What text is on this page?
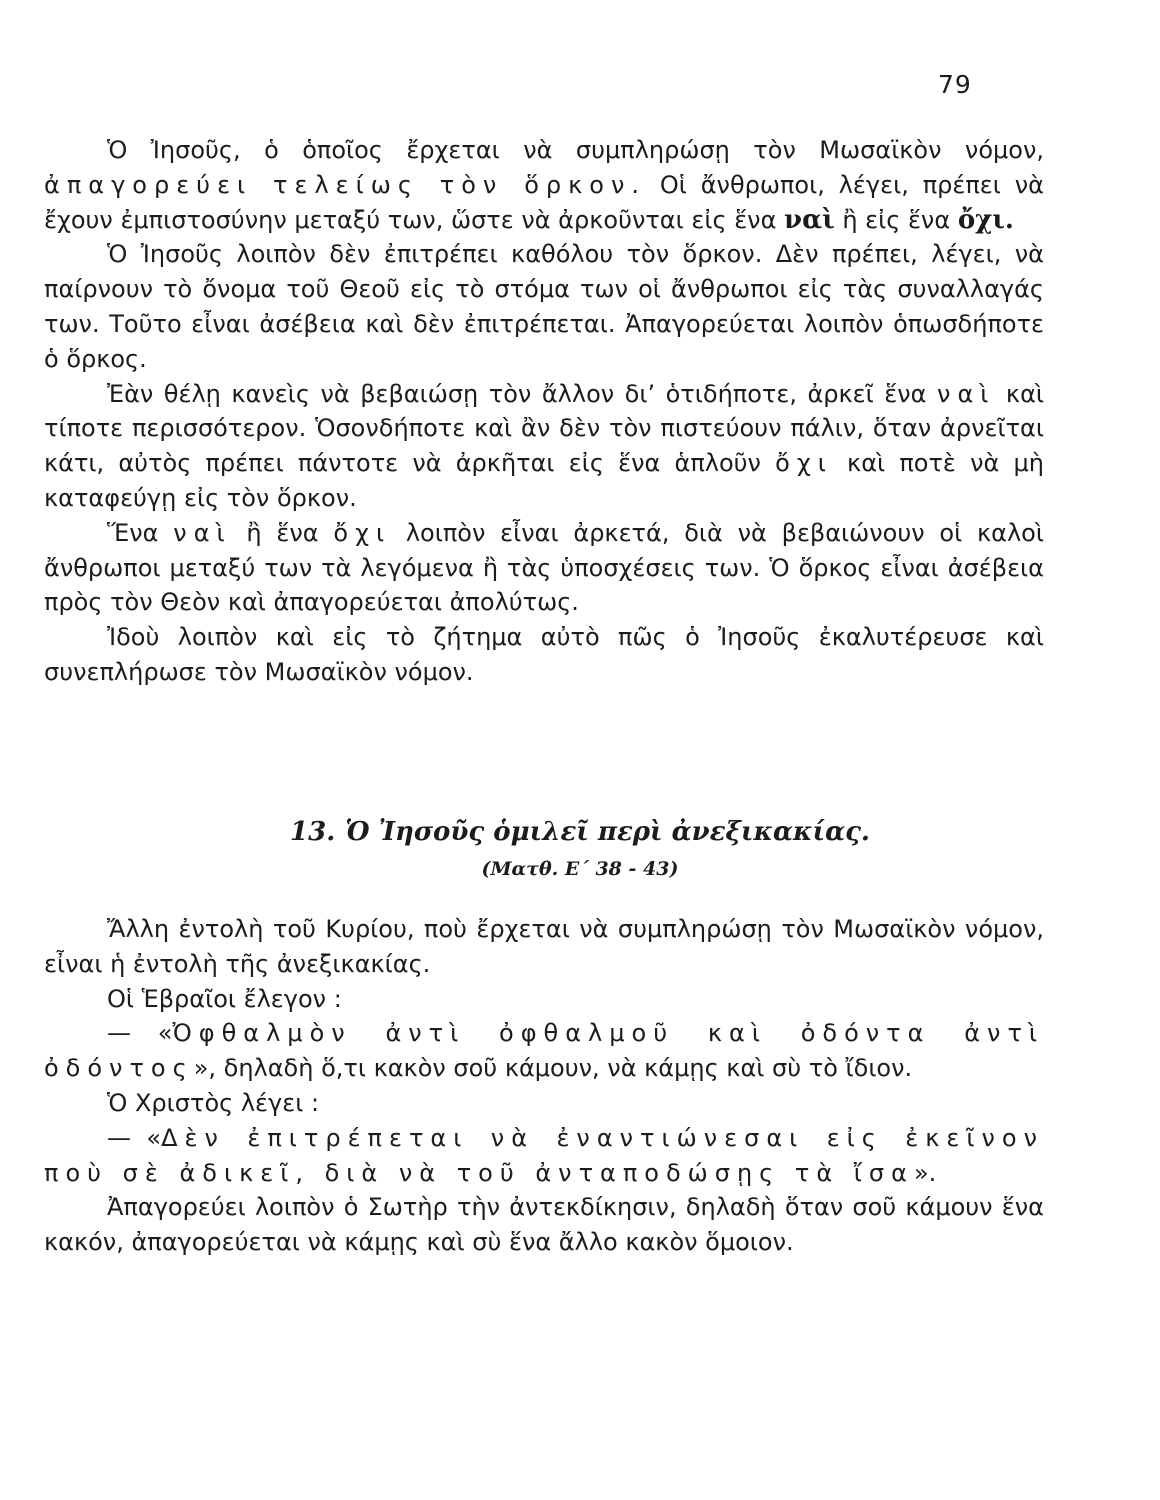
79

Ὁ Ἰησοῦς, ὁ ὁποῖος ἔρχεται νὰ συμπληρώσῃ τὸν Μωσαϊκὸν νόμον, ἀπαγορεύει τελείως τὸν ὅρκον. Οἱ ἄνθρωποι, λέγει, πρέπει νὰ ἔχουν ἐμπιστοσύνην μεταξύ των, ὥστε νὰ ἀρκοῦνται εἰς ἕνα ναὶ ἢ εἰς ἕνα ὄχι.

Ὁ Ἰησοῦς λοιπὸν δὲν ἐπιτρέπει καθόλου τὸν ὅρκον. Δὲν πρέπει, λέγει, νὰ παίρνουν τὸ ὄνομα τοῦ Θεοῦ εἰς τὸ στόμα των οἱ ἄνθρωποι εἰς τὰς συναλλαγάς των. Τοῦτο εἶναι ἀσέβεια καὶ δὲν ἐπιτρέπεται. Ἀπαγορεύεται λοιπὸν ὁπωσδήποτε ὁ ὅρκος.

Ἐὰν θέλῃ κανεὶς νὰ βεβαιώσῃ τὸν ἄλλον δι’ ὁτιδήποτε, ἀρκεῖ ἕνα ναὶ καὶ τίποτε περισσότερον. Ὁσονδήποτε καὶ ἂν δὲν τὸν πιστεύουν πάλιν, ὅταν ἀρνεῖται κάτι, αὐτὸς πρέπει πάντοτε νὰ ἀρκῆται εἰς ἕνα ἁπλοῦν ὄχι καὶ ποτὲ νὰ μὴ καταφεύγῃ εἰς τὸν ὅρκον.

Ἕνα ναὶ ἢ ἕνα ὄχι λοιπὸν εἶναι ἀρκετά, διὰ νὰ βεβαιώνουν οἱ καλοὶ ἄνθρωποι μεταξύ των τὰ λεγόμενα ἢ τὰς ὑποσχέσεις των. Ὁ ὅρκος εἶναι ἀσέβεια πρὸς τὸν Θεὸν καὶ ἀπαγορεύεται ἀπολύτως.

Ἰδοὺ λοιπὸν καὶ εἰς τὸ ζήτημα αὐτὸ πῶς ὁ Ἰησοῦς ἐκαλυτέρευσε καὶ συνεπλήρωσε τὸν Μωσαϊκὸν νόμον.

13. Ὁ Ἰησοῦς ὁμιλεῖ περὶ ἀνεξικακίας.
(Ματθ. Ε΄ 38 - 43)

Ἄλλη ἐντολὴ τοῦ Κυρίου, ποὺ ἔρχεται νὰ συμπληρώσῃ τὸν Μωσαϊκὸν νόμον, εἶναι ἡ ἐντολὴ τῆς ἀνεξικακίας.

Οἱ Ἑβραῖοι ἔλεγον :

— «Ὀφθαλμὸν ἀντὶ ὀφθαλμοῦ καὶ ὀδόντα ἀντὶ ὀδόντος», δηλαδὴ ὅ,τι κακὸν σοῦ κάμουν, νὰ κάμῃς καὶ σὺ τὸ ἴδιον.

Ὁ Χριστὸς λέγει :

— «Δὲν ἐπιτρέπεται νὰ ἐναντιώνεσαι εἰς ἐκεῖνον ποὺ σὲ ἀδικεῖ, διὰ νὰ τοῦ ἀνταποδώσῃς τὰ ἴσα».

Ἀπαγορεύει λοιπὸν ὁ Σωτὴρ τὴν ἀντεκδίκησιν, δηλαδὴ ὅταν σοῦ κάμουν ἕνα κακόν, ἀπαγορεύεται νὰ κάμῃς καὶ σὺ ἕνα ἄλλο κακὸν ὅμοιον.
